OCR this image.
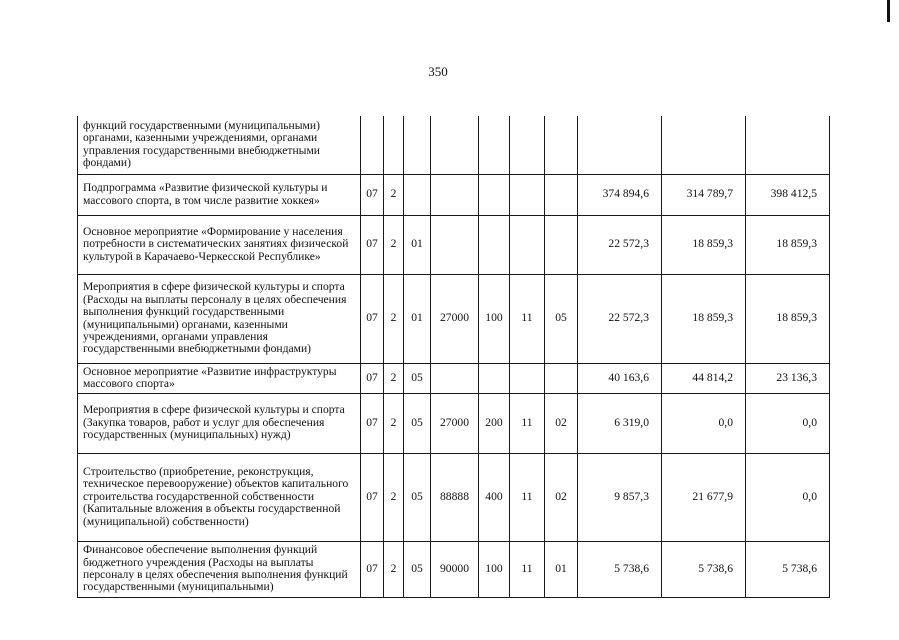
350
функций государственными (муниципальными) органами, казенными учреждениями, органами управления государственными внебюджетными фондами)										
Подпрограмма «Развитие физической культуры и массового спорта, в том числе развитие хоккея»	07	2						374 894,6	314 789,7	398 412,5
Основное мероприятие «Формирование у населения потребности в систематических занятиях физической культурой в Карачаево-Черкесской Республике»	07	2	01					22 572,3	18 859,3	18 859,3
Мероприятия в сфере физической культуры и спорта (Расходы на выплаты персоналу в целях обеспечения выполнения функций государственными (муниципальными) органами, казенными учреждениями, органами управления государственными внебюджетными фондами)	07	2	01	27000	100	11	05	22 572,3	18 859,3	18 859,3
Основное мероприятие «Развитие инфраструктуры массового спорта»	07	2	05					40 163,6	44 814,2	23 136,3
Мероприятия в сфере физической культуры и спорта (Закупка товаров, работ и услуг для обеспечения государственных (муниципальных) нужд)	07	2	05	27000	200	11	02	6 319,0	0,0	0,0
Строительство (приобретение, реконструкция, техническое перевооружение) объектов капитального строительства государственной собственности (Капитальные вложения в объекты государственной (муниципальной) собственности)	07	2	05	88888	400	11	02	9 857,3	21 677,9	0,0
Финансовое обеспечение выполнения функций бюджетного учреждения (Расходы на выплаты персоналу в целях обеспечения выполнения функций государственными (муниципальными)	07	2	05	90000	100	11	01	5 738,6	5 738,6	5 738,6
